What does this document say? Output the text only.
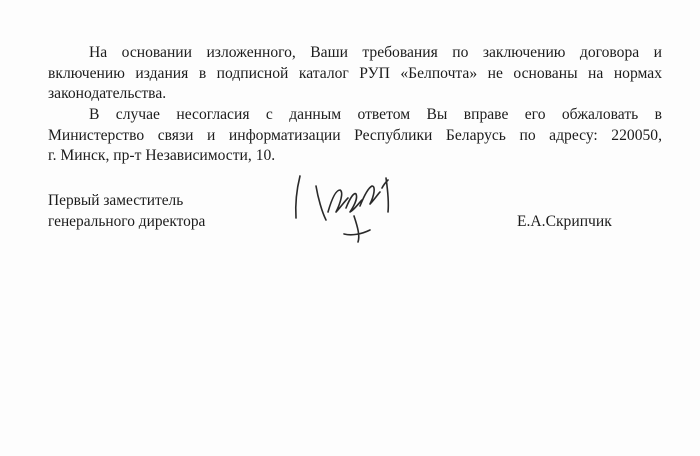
На основании изложенного, Ваши требования по заключению договора и
включению издания в подписной каталог РУП «Белпочта» не основаны на нормах
законодательства.
В случае несогласия с данным ответом Вы вправе его обжаловать в
Министерство связи и информатизации Республики Беларусь по адресу: 220050,
г. Минск, пр-т Независимости, 10.
Первый заместитель
генерального директора	Е.А.Скрипчик
